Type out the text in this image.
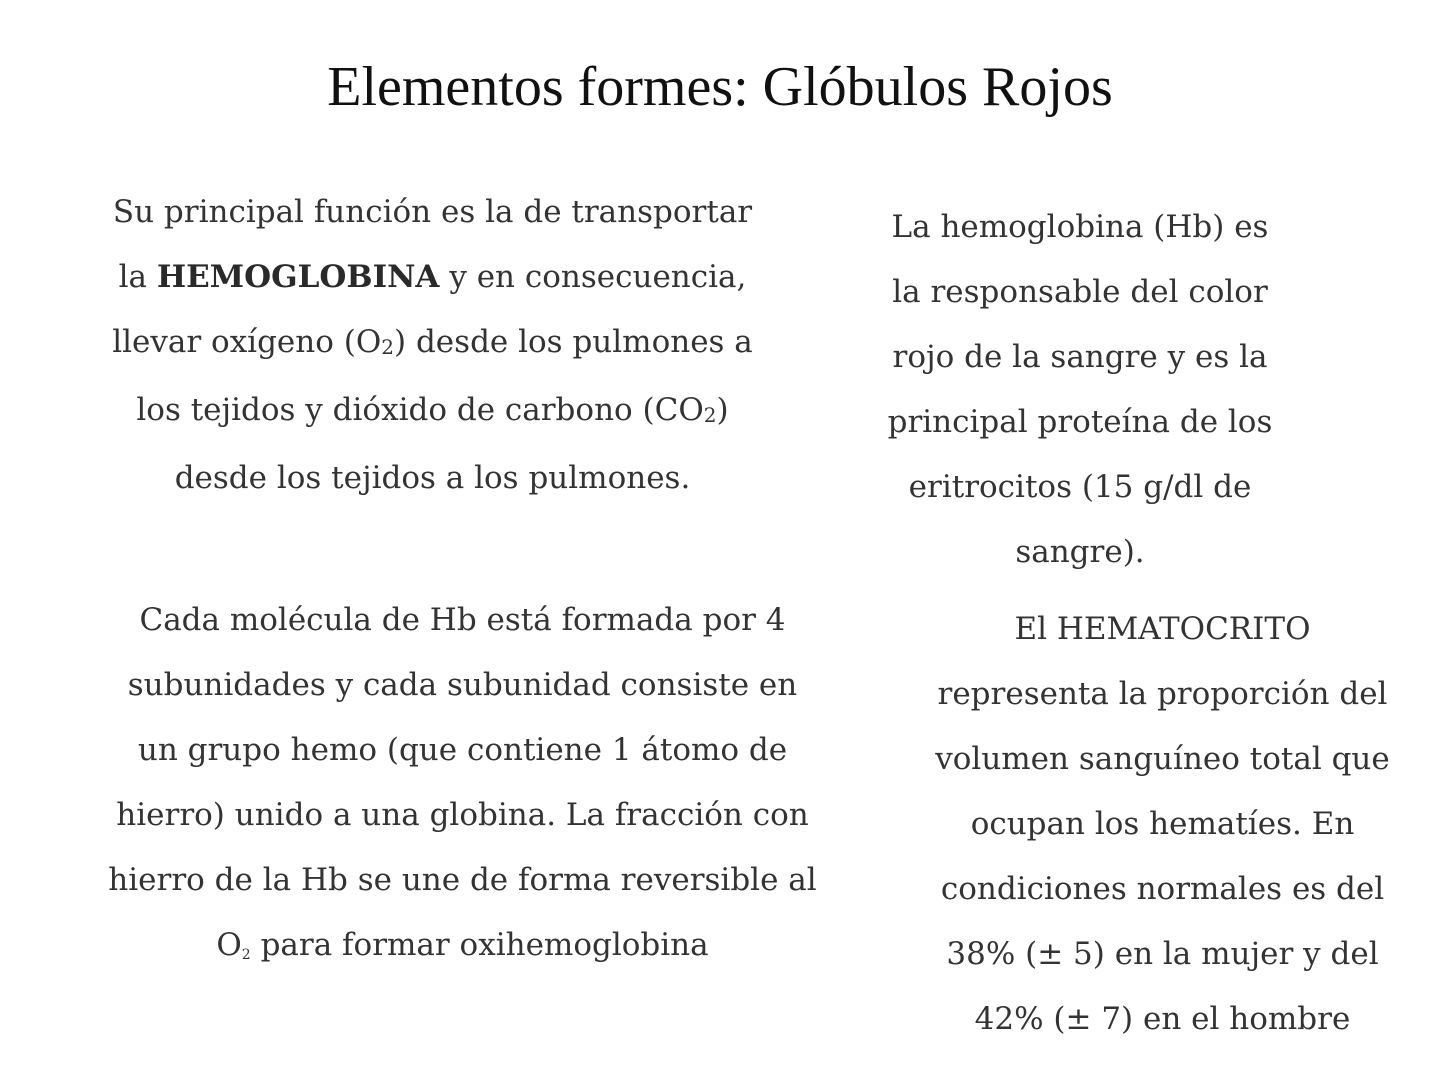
Elementos formes: Glóbulos Rojos
Su principal función es la de transportar
la HEMOGLOBINA y en consecuencia,
llevar oxígeno (O2) desde los pulmones a
los tejidos y dióxido de carbono (CO2)
desde los tejidos a los pulmones.
La hemoglobina (Hb) es
la responsable del color
rojo de la sangre y es la
principal proteína de los
eritrocitos (15 g/dl de
sangre).
Cada molécula de Hb está formada por 4
subunidades y cada subunidad consiste en
un grupo hemo (que contiene 1 átomo de
hierro) unido a una globina. La fracción con
hierro de la Hb se une de forma reversible al
O2 para formar oxihemoglobina
El HEMATOCRITO
representa la proporción del
volumen sanguíneo total que
ocupan los hematíes. En
condiciones normales es del
38% (± 5) en la mujer y del
42% (± 7) en el hombre
